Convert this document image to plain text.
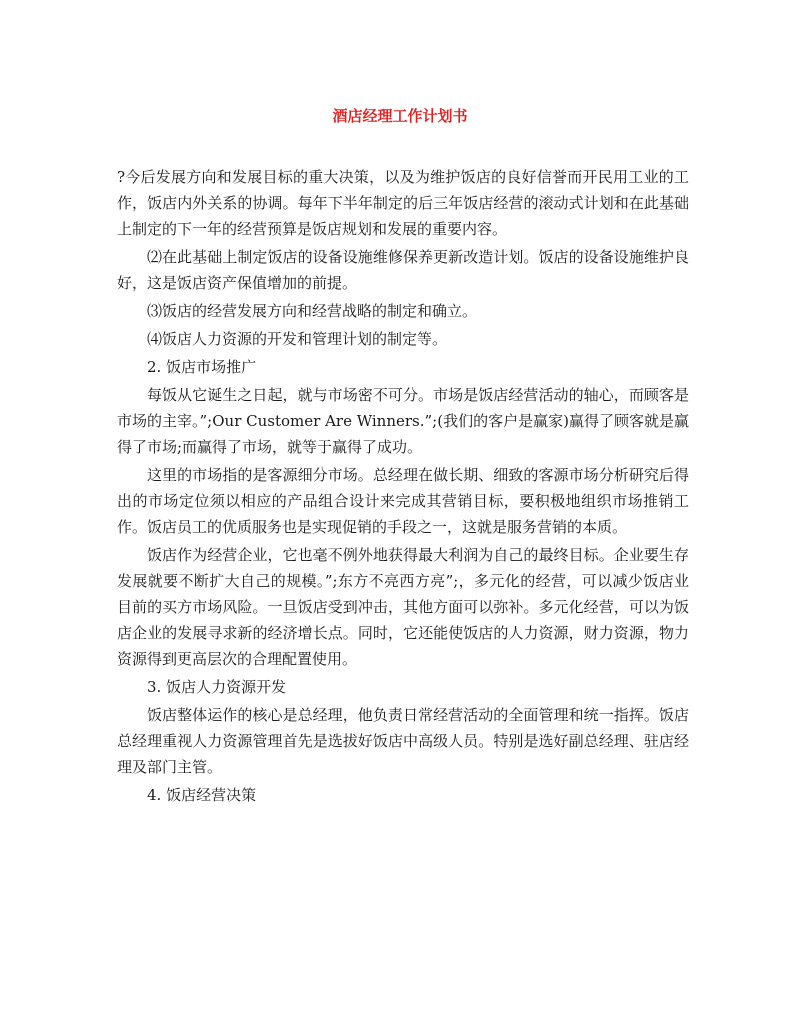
酒店经理工作计划书

?今后发展方向和发展目标的重大决策，以及为维护饭店的良好信誉而开民用工业的工作，饭店内外关系的协调。每年下半年制定的后三年饭店经营的滚动式计划和在此基础上制定的下一年的经营预算是饭店规划和发展的重要内容。

⑵在此基础上制定饭店的设备设施维修保养更新改造计划。饭店的设备设施维护良好，这是饭店资产保值增加的前提。

⑶饭店的经营发展方向和经营战略的制定和确立。

⑷饭店人力资源的开发和管理计划的制定等。

2. 饭店市场推广

每饭从它诞生之日起，就与市场密不可分。市场是饭店经营活动的轴心，而顾客是市场的主宰。”;Our Customer Are Winners.”;(我们的客户是赢家)赢得了顾客就是赢得了市场;而赢得了市场，就等于赢得了成功。

这里的市场指的是客源细分市场。总经理在做长期、细致的客源市场分析研究后得出的市场定位须以相应的产品组合设计来完成其营销目标，要积极地组织市场推销工作。饭店员工的优质服务也是实现促销的手段之一，这就是服务营销的本质。

饭店作为经营企业，它也毫不例外地获得最大利润为自己的最终目标。企业要生存发展就要不断扩大自己的规模。”;东方不亮西方亮”;，多元化的经营，可以减少饭店业目前的买方市场风险。一旦饭店受到冲击，其他方面可以弥补。多元化经营，可以为饭店企业的发展寻求新的经济增长点。同时，它还能使饭店的人力资源，财力资源，物力资源得到更高层次的合理配置使用。

3. 饭店人力资源开发

饭店整体运作的核心是总经理，他负责日常经营活动的全面管理和统一指挥。饭店总经理重视人力资源管理首先是选拔好饭店中高级人员。特别是选好副总经理、驻店经理及部门主管。

4. 饭店经营决策
